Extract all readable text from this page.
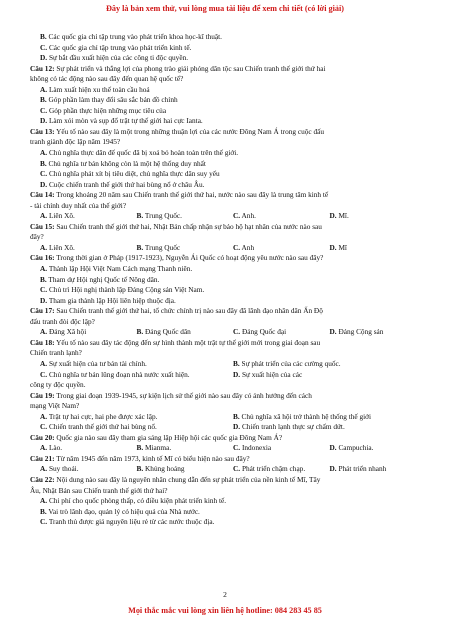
Đây là bản xem thử, vui lòng mua tài liệu để xem chi tiết (có lời giải)
B. Các quốc gia chỉ tập trung vào phát triển khoa học-kĩ thuật.
C. Các quốc gia chỉ tập trung vào phát triển kinh tế.
D. Sự bắt đầu xuất hiện của các công ti độc quyền.
Câu 12: Sự phát triển và thắng lợi của phong trào giải phóng dân tộc sau Chiến tranh thế giới thứ hai
không có tác động nào sau đây đến quan hệ quốc tế?
A. Làm xuất hiện xu thế toàn cầu hoá
B. Góp phần làm thay đổi sâu sắc bản đồ chính
C. Góp phần thực hiện những mục tiêu của
D. Làm xói mòn và sụp đổ trật tự thế giới hai cực Ianta.
Câu 13: Yếu tố nào sau đây là một trong những thuận lợi của các nước Đông Nam Á trong cuộc đấu
tranh giành độc lập năm 1945?
A. Chủ nghĩa thực dân đế quốc đã bị xoá bỏ hoàn toàn trên thế giới.
B. Chủ nghĩa tư bản không còn là một hệ thống duy nhất
C. Chủ nghĩa phát xít bị tiêu diệt, chủ nghĩa thực dân suy yếu
D. Cuộc chiến tranh thế giới thứ hai bùng nổ ở châu Âu.
Câu 14: Trong khoảng 20 năm sau Chiến tranh thế giới thứ hai, nước nào sau đây là trung tâm kinh tế
- tài chính duy nhất của thế giới?
A. Liên Xô.	B. Trung Quốc.	C. Anh.	D. Mĩ.
Câu 15: Sau Chiến tranh thế giới thứ hai, Nhật Bản chấp nhận sự bảo hộ hạt nhân của nước nào sau
đây?
A. Liên Xô.	B. Trung Quốc	C. Anh	D. Mĩ
Câu 16: Trong thời gian ở Pháp (1917-1923), Nguyễn Ái Quốc có hoạt động yêu nước nào sau đây?
A. Thành lập Hội Việt Nam Cách mạng Thanh niên.
B. Tham dự Hội nghị Quốc tế Nông dân.
C. Chủ trì Hội nghị thành lập Đảng Cộng sản Việt Nam.
D. Tham gia thành lập Hội liên hiệp thuộc địa.
Câu 17: Sau Chiến tranh thế giới thứ hai, tổ chức chính trị nào sau đây đã lãnh đạo nhân dân Ấn Độ
đấu tranh đòi độc lập?
A. Đảng Xã hội	B. Đảng Quốc dân	C. Đảng Quốc đại	D. Đảng Cộng sản
Câu 18: Yếu tố nào sau đây tác động đến sự hình thành một trật tự thế giới mới trong giai đoạn sau
Chiến tranh lạnh?
A. Sự xuất hiện của tư bản tài chính.	B. Sự phát triển của các cường quốc.
C. Chủ nghĩa tư bản lũng đoạn nhà nước xuất hiện.	D. Sự xuất hiện của các
công ty độc quyền.
Câu 19: Trong giai đoạn 1939-1945, sự kiện lịch sử thế giới nào sau đây có ảnh hưởng đến cách
mạng Việt Nam?
A. Trật tự hai cực, hai phe được xác lập.	B. Chủ nghĩa xã hội trở thành hệ thống thế giới
C. Chiến tranh thế giới thứ hai bùng nổ.	D. Chiến tranh lạnh thực sự chấm dứt.
Câu 20: Quốc gia nào sau đây tham gia sáng lập Hiệp hội các quốc gia Đông Nam Á?
A. Lào.	B. Mianma.	C. Indonexia	D. Campuchia.
Câu 21: Từ năm 1945 đến năm 1973, kinh tế Mĩ có biểu hiện nào sau đây?
A. Suy thoái.	B. Khủng hoảng	C. Phát triển chậm chạp.	D. Phát triển nhanh
Câu 22: Nội dung nào sau đây là nguyên nhân chung dẫn đến sự phát triển của nền kinh tế Mĩ, Tây
Âu, Nhật Bản sau Chiến tranh thế giới thứ hai?
A. Chi phí cho quốc phòng thấp, có điều kiện phát triển kinh tế.
B. Vai trò lãnh đạo, quản lý có hiệu quả của Nhà nước.
C. Tranh thủ được giá nguyên liệu rẻ từ các nước thuộc địa.
2
Mọi thắc mắc vui lòng xin liên hệ hotline: 084 283 45 85
